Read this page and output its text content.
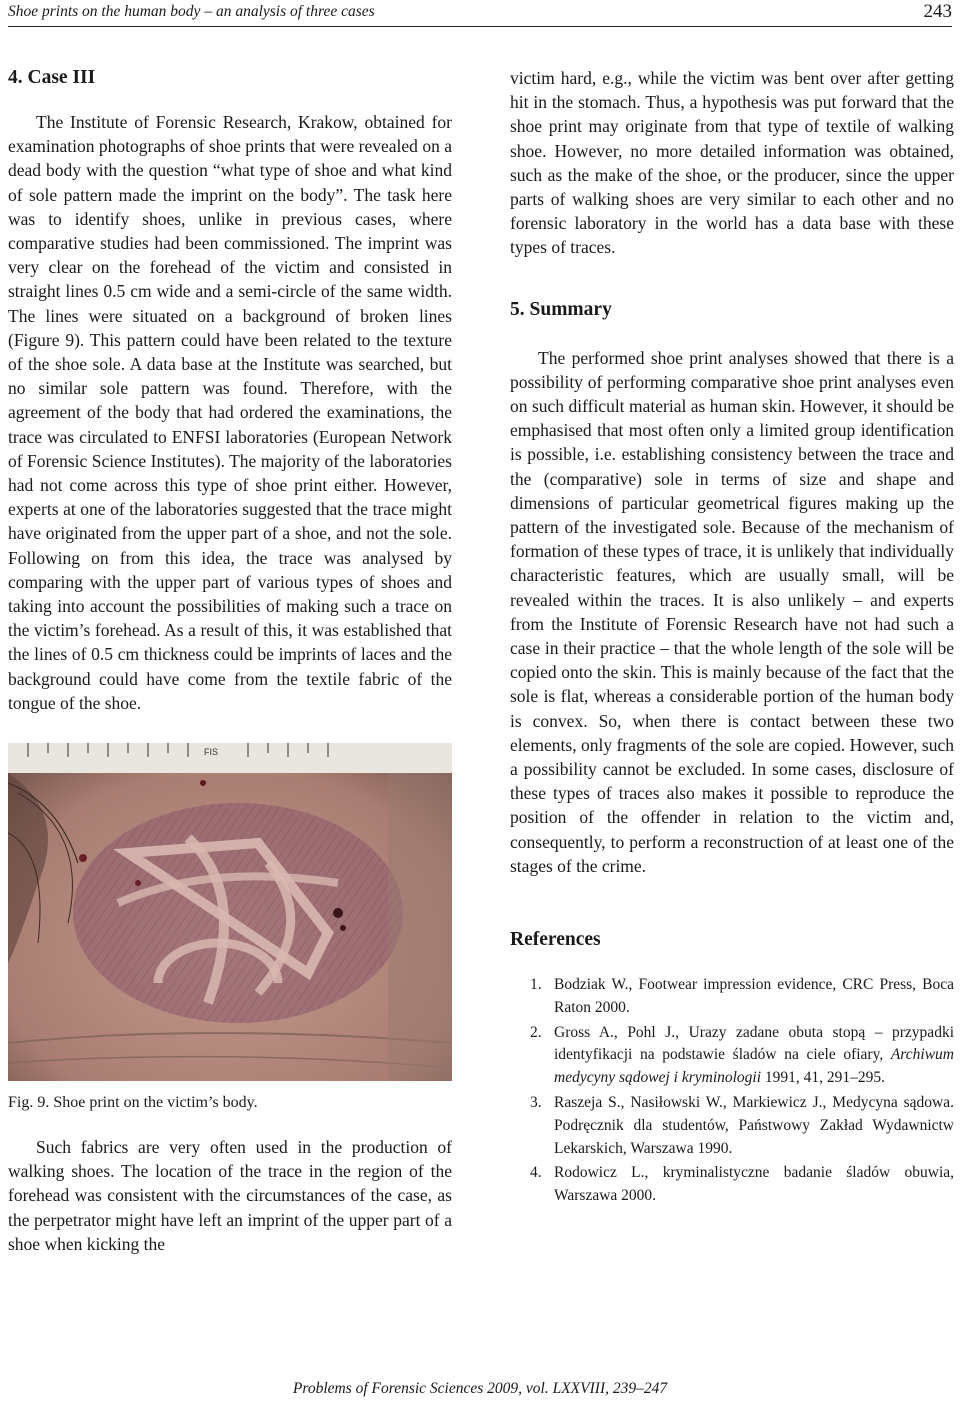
Shoe prints on the human body – an analysis of three cases	243
4. Case III

The Institute of Forensic Research, Krakow, obtained for examination photographs of shoe prints that were revealed on a dead body with the question “what type of shoe and what kind of sole pattern made the imprint on the body”. The task here was to identify shoes, unlike in previous cases, where comparative studies had been commissioned. The imprint was very clear on the forehead of the victim and consisted in straight lines 0.5 cm wide and a semi-circle of the same width. The lines were situated on a background of broken lines (Figure 9). This pattern could have been related to the texture of the shoe sole. A data base at the Institute was searched, but no similar sole pattern was found. Therefore, with the agreement of the body that had ordered the examinations, the trace was circulated to ENFSI laboratories (European Network of Forensic Science Institutes). The majority of the laboratories had not come across this type of shoe print either. However, experts at one of the laboratories suggested that the trace might have originated from the upper part of a shoe, and not the sole. Following on from this idea, the trace was analysed by comparing with the upper part of various types of shoes and taking into account the possibilities of making such a trace on the victim’s forehead. As a result of this, it was established that the lines of 0.5 cm thickness could be imprints of laces and the background could have come from the textile fabric of the tongue of the shoe.

FIS
Fig. 9. Shoe print on the victim’s body.

Such fabrics are very often used in the production of walking shoes. The location of the trace in the region of the forehead was consistent with the circumstances of the case, as the perpetrator might have left an imprint of the upper part of a shoe when kicking the

victim hard, e.g., while the victim was bent over after getting hit in the stomach. Thus, a hypothesis was put forward that the shoe print may originate from that type of textile of walking shoe. However, no more detailed information was obtained, such as the make of the shoe, or the producer, since the upper parts of walking shoes are very similar to each other and no forensic laboratory in the world has a data base with these types of traces.

5. Summary

The performed shoe print analyses showed that there is a possibility of performing comparative shoe print analyses even on such difficult material as human skin. However, it should be emphasised that most often only a limited group identification is possible, i.e. establishing consistency between the trace and the (comparative) sole in terms of size and shape and dimensions of particular geometrical figures making up the pattern of the investigated sole. Because of the mechanism of formation of these types of trace, it is unlikely that individually characteristic features, which are usually small, will be revealed within the traces. It is also unlikely – and experts from the Institute of Forensic Research have not had such a case in their practice – that the whole length of the sole will be copied onto the skin. This is mainly because of the fact that the sole is flat, whereas a considerable portion of the human body is convex. So, when there is contact between these two elements, only fragments of the sole are copied. However, such a possibility cannot be excluded. In some cases, disclosure of these types of traces also makes it possible to reproduce the position of the offender in relation to the victim and, consequently, to perform a reconstruction of at least one of the stages of the crime.

References
1. Bodziak W., Footwear impression evidence, CRC Press, Boca Raton 2000.
2. Gross A., Pohl J., Urazy zadane obuta stopą – przypadki identyfikacji na podstawie śladów na ciele ofiary, Archiwum medycyny sądowej i kryminologii 1991, 41, 291–295.
3. Raszeja S., Nasiłowski W., Markiewicz J., Medycyna sądowa. Podręcznik dla studentów, Państwowy Zakład Wydawnictw Lekarskich, Warszawa 1990.
4. Rodowicz L., kryminalistyczne badanie śladów obuwia, Warszawa 2000.
Problems of Forensic Sciences 2009, vol. LXXVIII, 239–247
